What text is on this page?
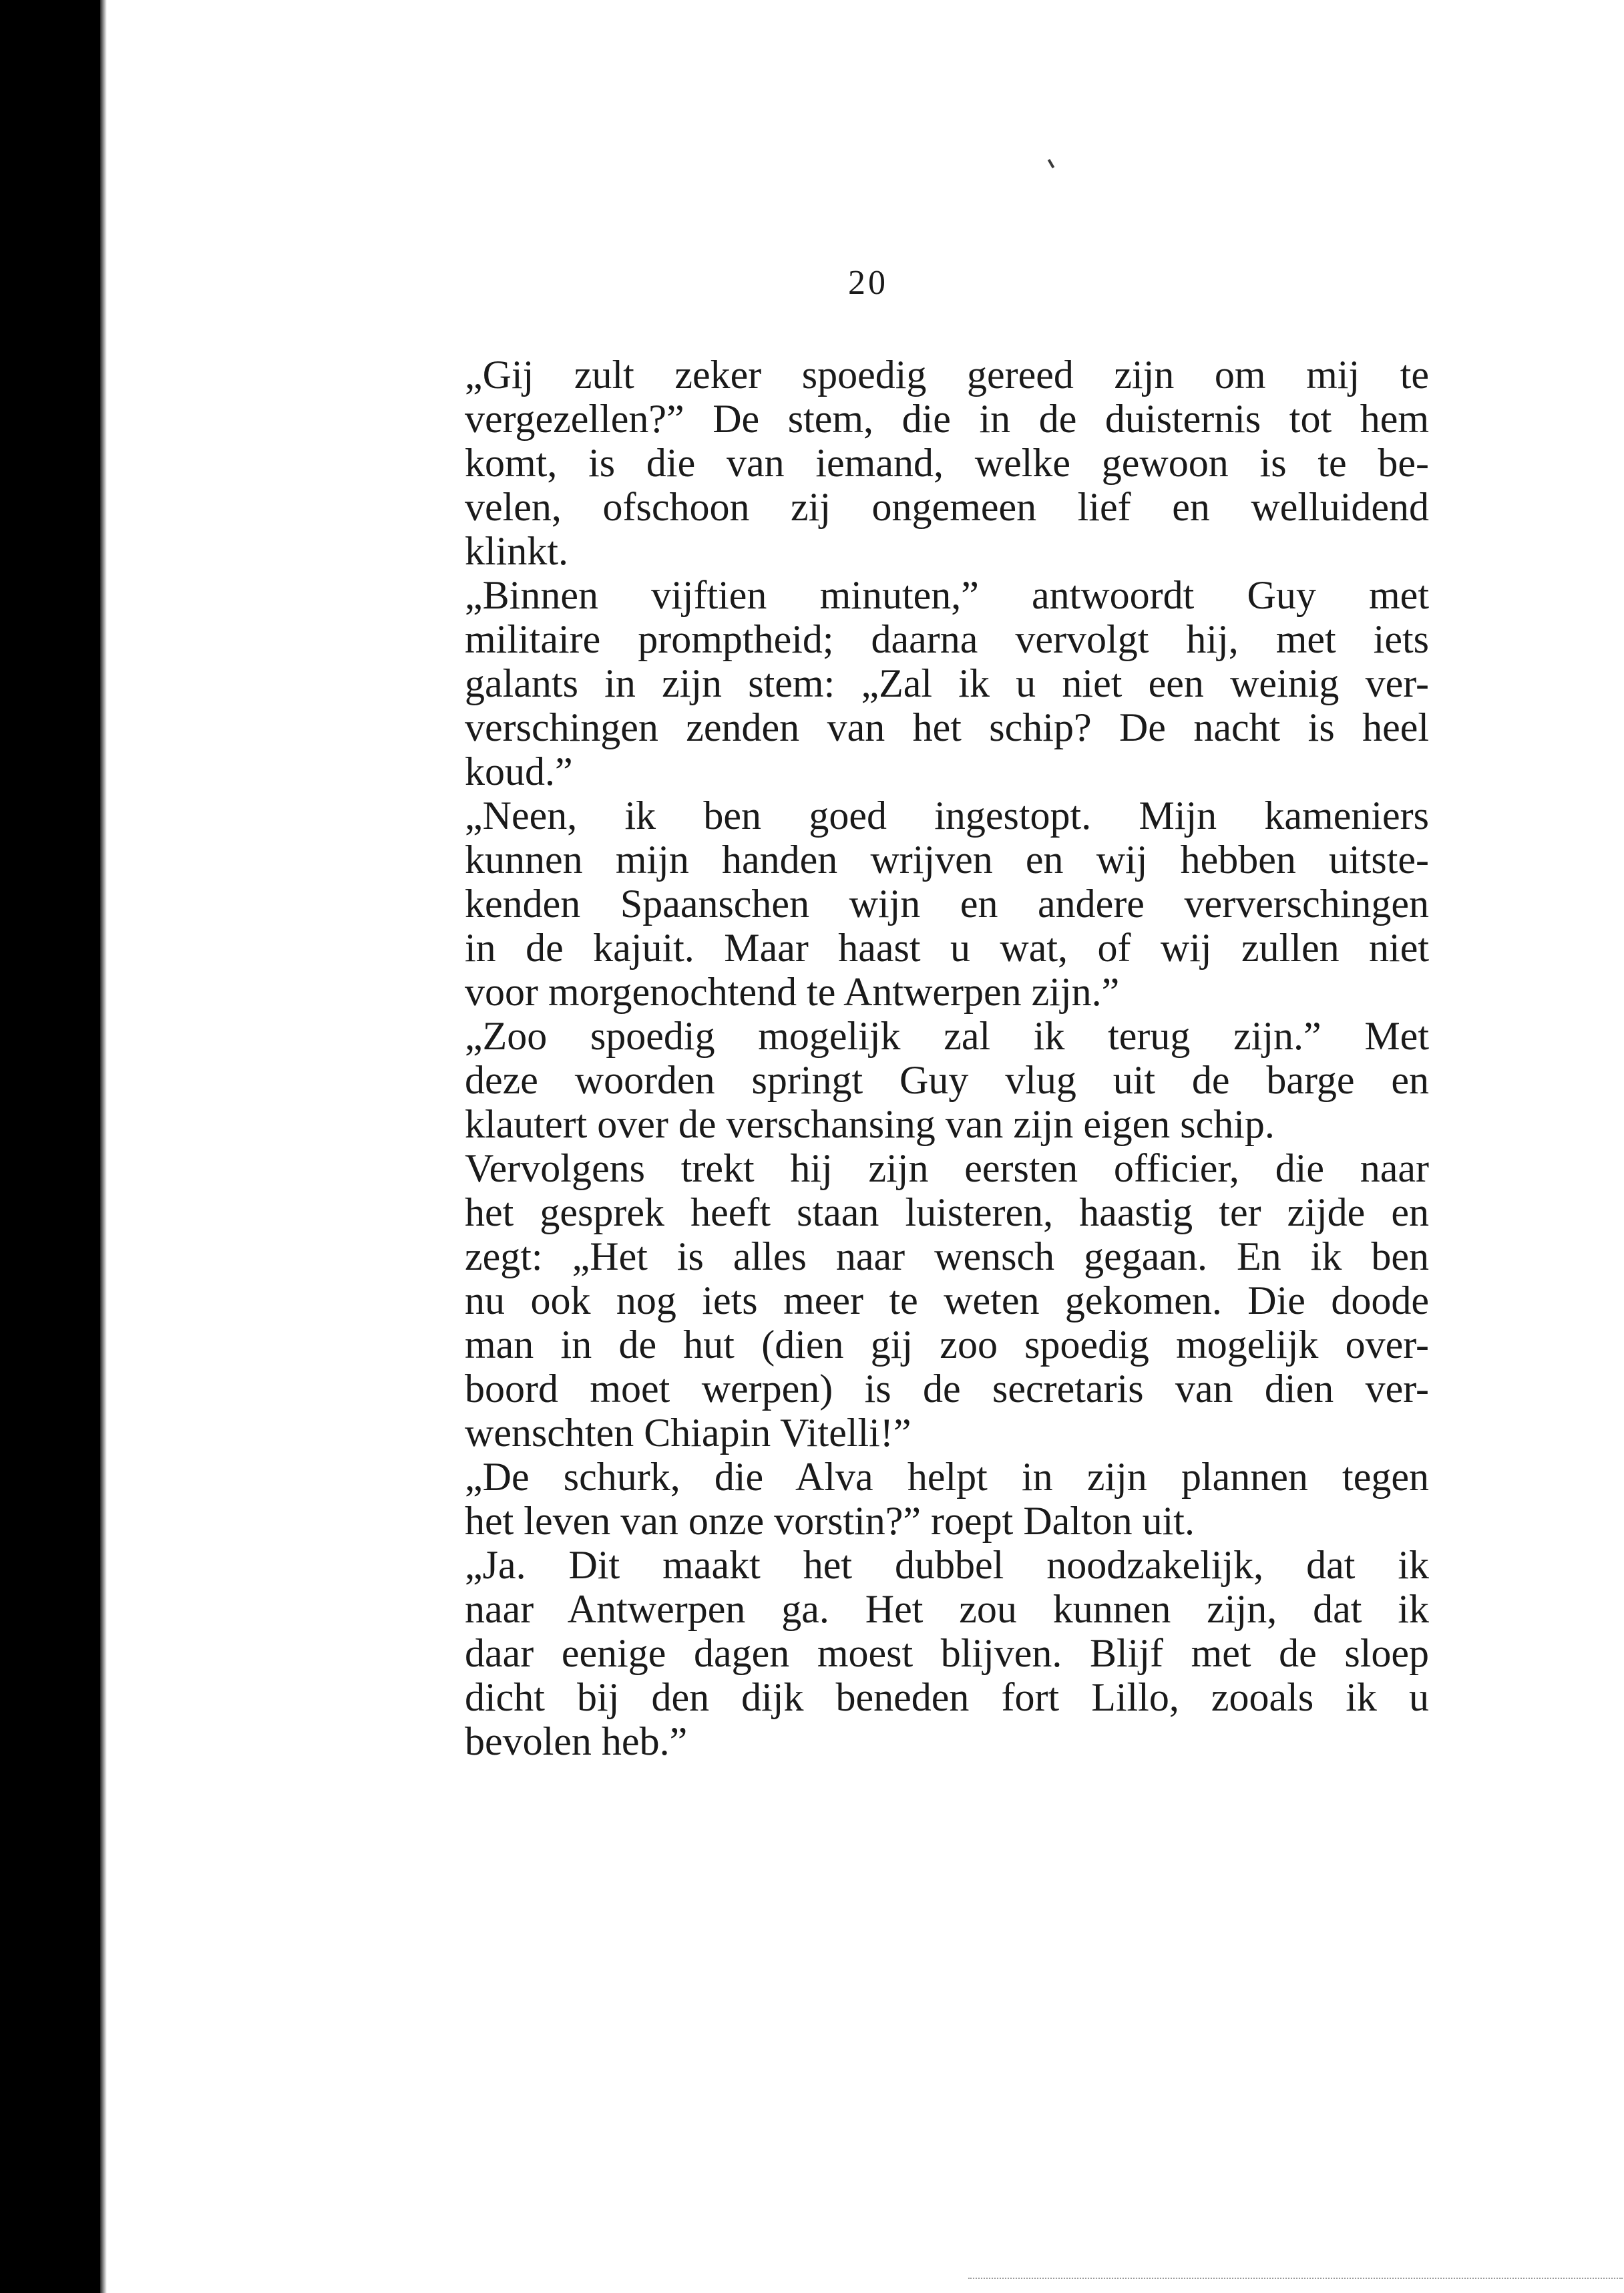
20
„Gij zult zeker spoedig gereed zijn om mij te
vergezellen?” De stem, die in de duisternis tot hem
komt, is die van iemand, welke gewoon is te be-
velen, ofschoon zij ongemeen lief en welluidend
klinkt.
„Binnen vijftien minuten,” antwoordt Guy met
militaire promptheid; daarna vervolgt hij, met iets
galants in zijn stem: „Zal ik u niet een weinig ver-
verschingen zenden van het schip? De nacht is heel
koud.”
„Neen, ik ben goed ingestopt. Mijn kameniers
kunnen mijn handen wrijven en wij hebben uitste-
kenden Spaanschen wijn en andere ververschingen
in de kajuit. Maar haast u wat, of wij zullen niet
voor morgenochtend te Antwerpen zijn.”
„Zoo spoedig mogelijk zal ik terug zijn.” Met
deze woorden springt Guy vlug uit de barge en
klautert over de verschansing van zijn eigen schip.
Vervolgens trekt hij zijn eersten officier, die naar
het gesprek heeft staan luisteren, haastig ter zijde en
zegt: „Het is alles naar wensch gegaan. En ik ben
nu ook nog iets meer te weten gekomen. Die doode
man in de hut (dien gij zoo spoedig mogelijk over-
boord moet werpen) is de secretaris van dien ver-
wenschten Chiapin Vitelli!”
„De schurk, die Alva helpt in zijn plannen tegen
het leven van onze vorstin?” roept Dalton uit.
„Ja. Dit maakt het dubbel noodzakelijk, dat ik
naar Antwerpen ga. Het zou kunnen zijn, dat ik
daar eenige dagen moest blijven. Blijf met de sloep
dicht bij den dijk beneden fort Lillo, zooals ik u
bevolen heb.”
